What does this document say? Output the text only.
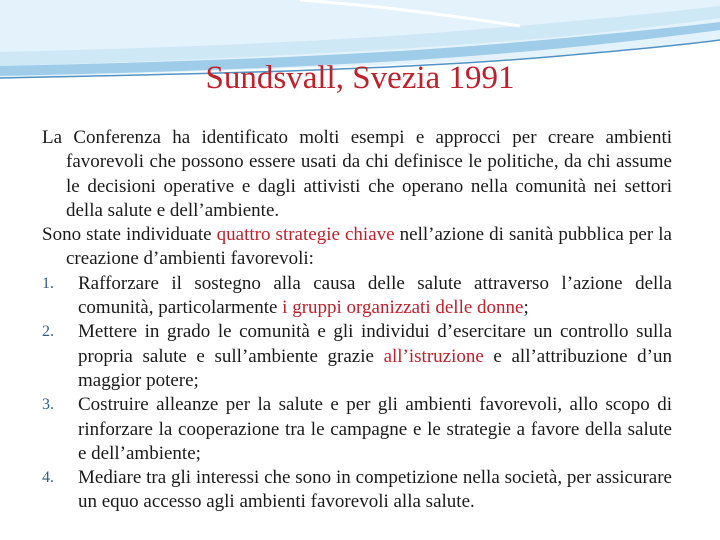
Sundsvall, Svezia 1991

La Conferenza ha identificato molti esempi e approcci per creare ambienti favorevoli che possono essere usati da chi definisce le politiche, da chi assume le decisioni operative e dagli attivisti che operano nella comunità nei settori della salute e dell’ambiente.

Sono state individuate quattro strategie chiave nell’azione di sanità pubblica per la creazione d’ambienti favorevoli:

1.	Rafforzare il sostegno alla causa delle salute attraverso l’azione della comunità, particolarmente i gruppi organizzati delle donne;
2.	Mettere in grado le comunità e gli individui d’esercitare un controllo sulla propria salute e sull’ambiente grazie all’istruzione e all’attribuzione d’un maggior potere;
3.	Costruire alleanze per la salute e per gli ambienti favorevoli, allo scopo di rinforzare la cooperazione tra le campagne e le strategie a favore della salute e dell’ambiente;
4.	Mediare tra gli interessi che sono in competizione nella società, per assicurare un equo accesso agli ambienti favorevoli alla salute.
